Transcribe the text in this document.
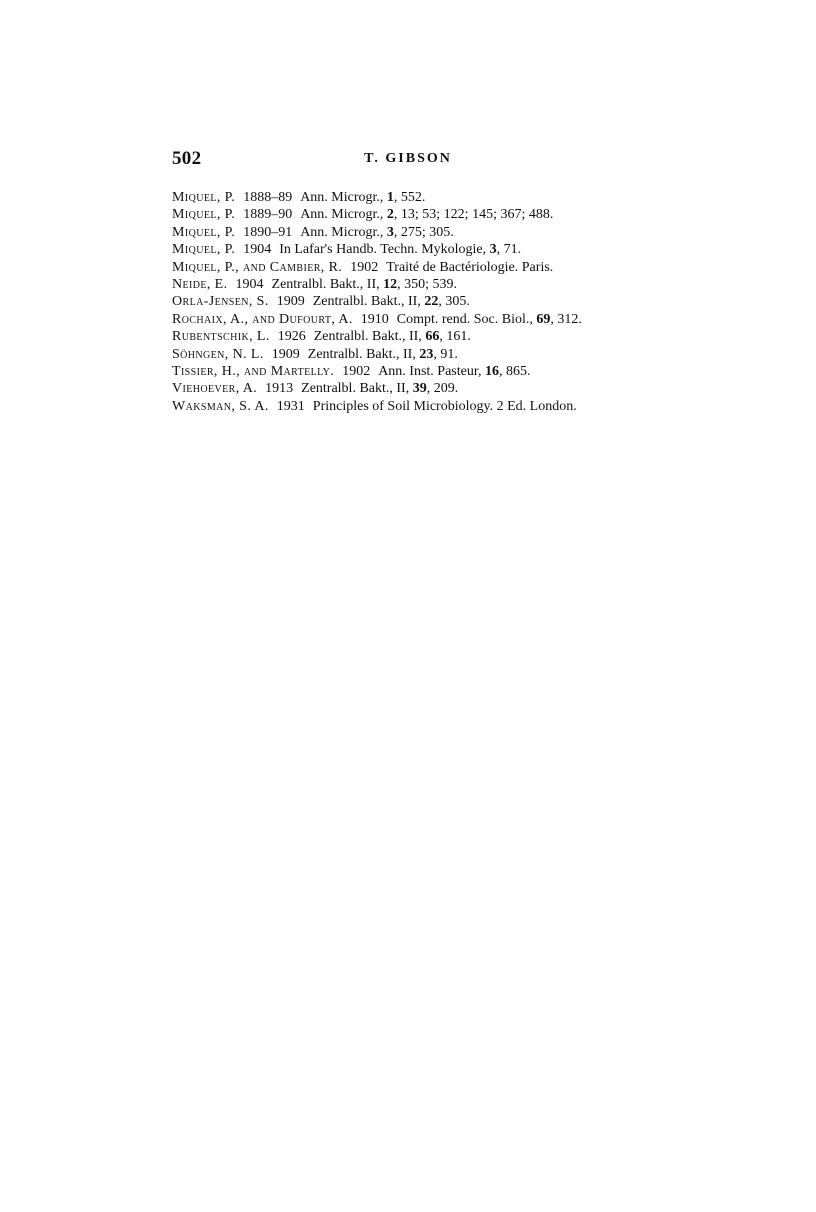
502	T. GIBSON
Miquel, P. 1888–89 Ann. Microgr., 1, 552.
Miquel, P. 1889–90 Ann. Microgr., 2, 13; 53; 122; 145; 367; 488.
Miquel, P. 1890–91 Ann. Microgr., 3, 275; 305.
Miquel, P. 1904 In Lafar's Handb. Techn. Mykologie, 3, 71.
Miquel, P., and Cambier, R. 1902 Traité de Bactériologie. Paris.
Neide, E. 1904 Zentralbl. Bakt., II, 12, 350; 539.
Orla-Jensen, S. 1909 Zentralbl. Bakt., II, 22, 305.
Rochaix, A., and Dufourt, A. 1910 Compt. rend. Soc. Biol., 69, 312.
Rubentschik, L. 1926 Zentralbl. Bakt., II, 66, 161.
Söhngen, N. L. 1909 Zentralbl. Bakt., II, 23, 91.
Tissier, H., and Martelly. 1902 Ann. Inst. Pasteur, 16, 865.
Viehoever, A. 1913 Zentralbl. Bakt., II, 39, 209.
Waksman, S. A. 1931 Principles of Soil Microbiology. 2 Ed. London.
